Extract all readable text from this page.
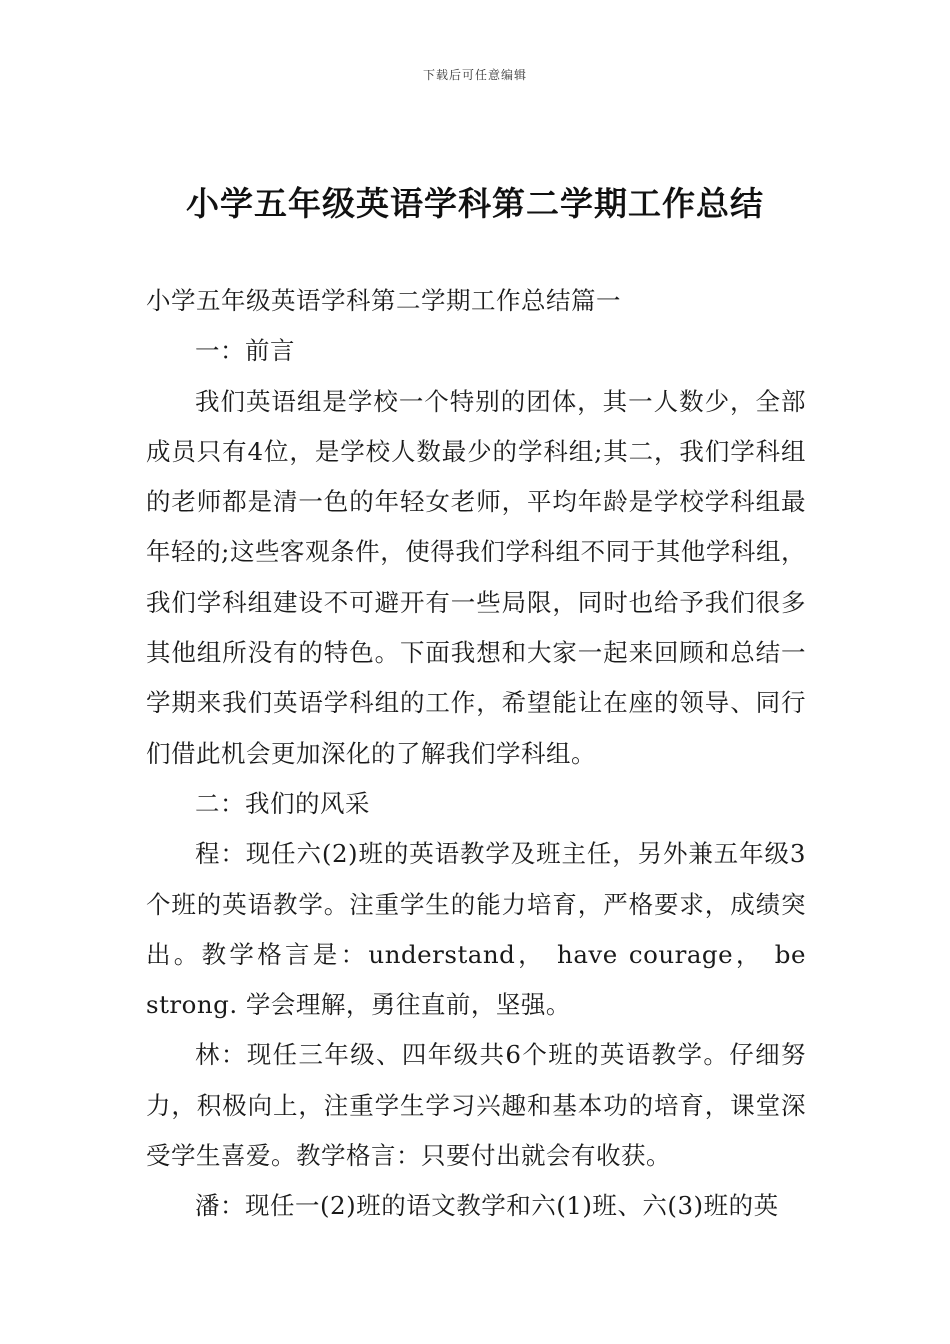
下载后可任意编辑
小学五年级英语学科第二学期工作总结

小学五年级英语学科第二学期工作总结篇一

一：前言

我们英语组是学校一个特别的团体，其一人数少，全部成员只有4位，是学校人数最少的学科组;其二，我们学科组的老师都是清一色的年轻女老师，平均年龄是学校学科组最年轻的;这些客观条件，使得我们学科组不同于其他学科组，我们学科组建设不可避开有一些局限，同时也给予我们很多其他组所没有的特色。下面我想和大家一起来回顾和总结一学期来我们英语学科组的工作，希望能让在座的领导、同行们借此机会更加深化的了解我们学科组。

二：我们的风采

程：现任六(2)班的英语教学及班主任，另外兼五年级3个班的英语教学。注重学生的能力培育，严格要求，成绩突出。教学格言是：understand， have courage， be strong. 学会理解，勇往直前，坚强。

林：现任三年级、四年级共6个班的英语教学。仔细努力，积极向上，注重学生学习兴趣和基本功的培育，课堂深受学生喜爱。教学格言：只要付出就会有收获。

潘：现任一(2)班的语文教学和六(1)班、六(3)班的英
